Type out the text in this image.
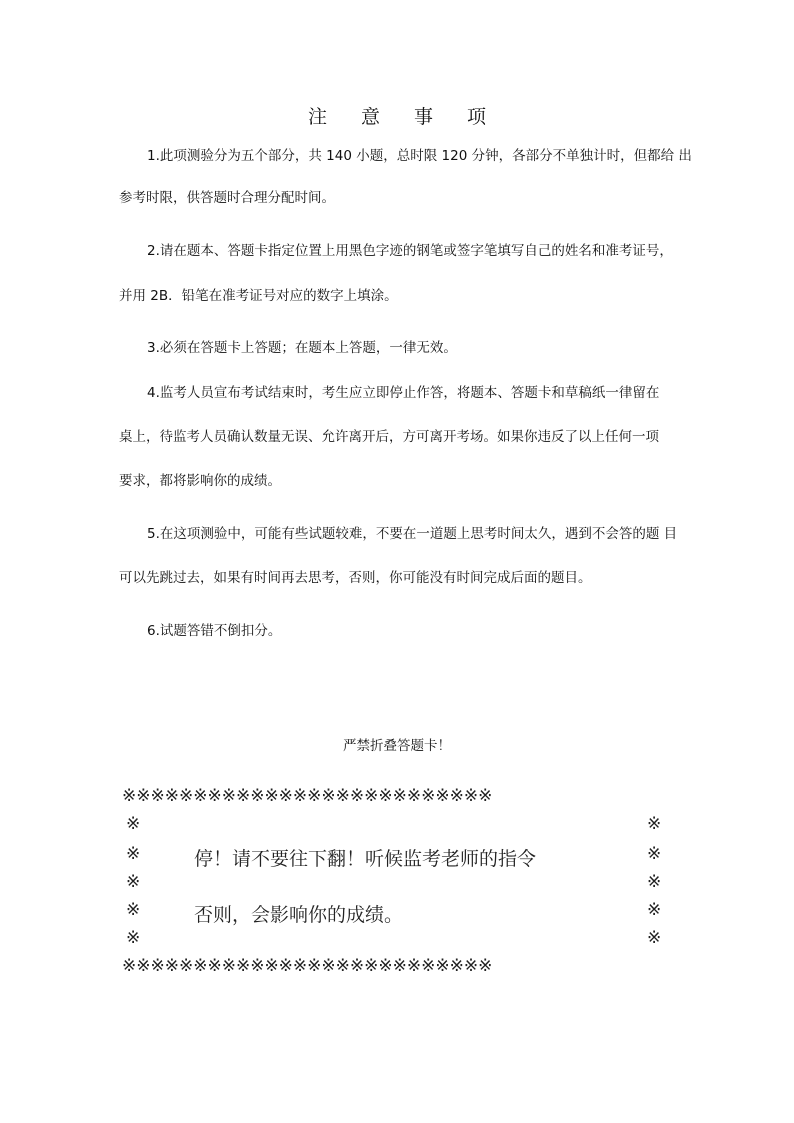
注 意 事 项
1.此项测验分为五个部分，共 140 小题，总时限 120 分钟，各部分不单独计时，但都给 出
参考时限，供答题时合理分配时间。
2.请在题本、答题卡指定位置上用黑色字迹的钢笔或签字笔填写自己的姓名和准考证号，
并用 2B．铅笔在准考证号对应的数字上填涂。
3.必须在答题卡上答题；在题本上答题，一律无效。
4.监考人员宣布考试结束时，考生应立即停止作答，将题本、答题卡和草稿纸一律留在
桌上，待监考人员确认数量无误、允许离开后，方可离开考场。如果你违反了以上任何一项
要求，都将影响你的成绩。
5.在这项测验中，可能有些试题较难，不要在一道题上思考时间太久，遇到不会答的题 目
可以先跳过去，如果有时间再去思考，否则，你可能没有时间完成后面的题目。
6.试题答错不倒扣分。
严禁折叠答题卡！
※※※※※※※※※※※※※※※※※※※※※※※※※※
※
※
※
※
※
※
※
※
※
※
停！请不要往下翻！听候监考老师的指令
否则，会影响你的成绩。
※※※※※※※※※※※※※※※※※※※※※※※※※※
